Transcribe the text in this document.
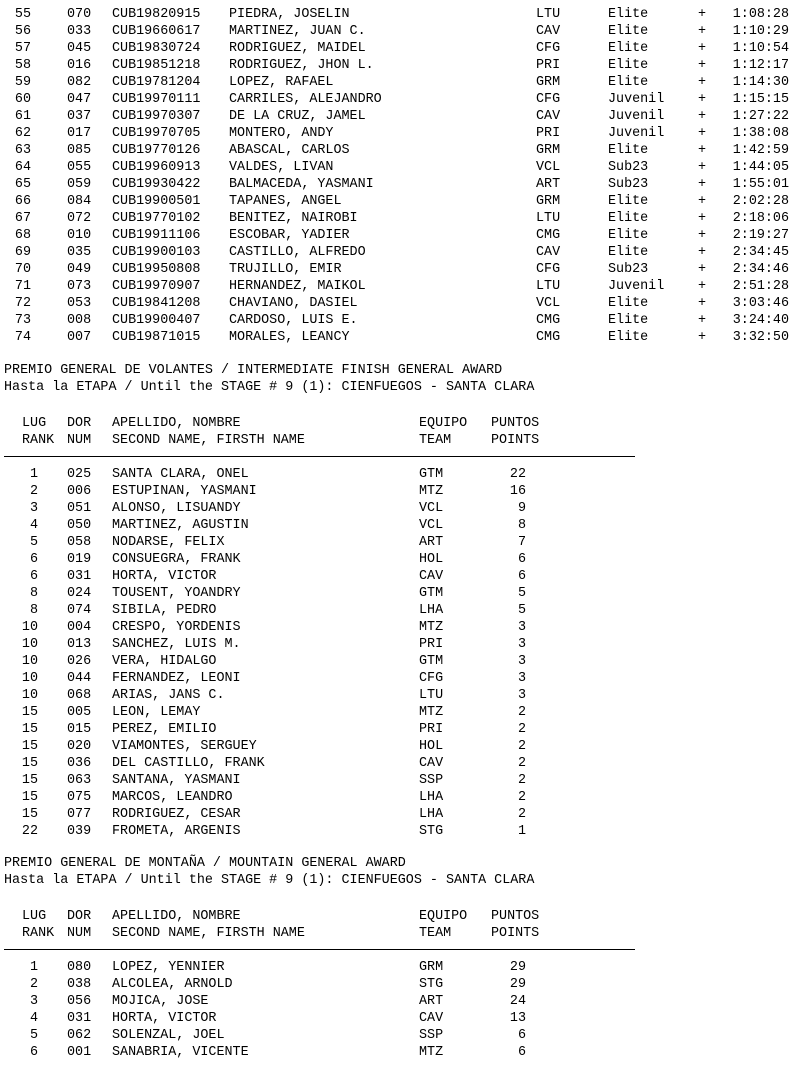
55	070 CUB19820915 PIEDRA, JOSELIN	LTU	Elite	+	1:08:28
56	033 CUB19660617 MARTINEZ, JUAN C.	CAV	Elite	+	1:10:29
57	045 CUB19830724 RODRIGUEZ, MAIDEL	CFG	Elite	+	1:10:54
58	016 CUB19851218 RODRIGUEZ, JHON L.	PRI	Elite	+	1:12:17
59	082 CUB19781204 LOPEZ, RAFAEL	GRM	Elite	+	1:14:30
60	047 CUB19970111 CARRILES, ALEJANDRO	CFG	Juvenil	+	1:15:15
61	037 CUB19970307 DE LA CRUZ, JAMEL	CAV	Juvenil	+	1:27:22
62	017 CUB19970705 MONTERO, ANDY	PRI	Juvenil	+	1:38:08
63	085 CUB19770126 ABASCAL, CARLOS	GRM	Elite	+	1:42:59
64	055 CUB19960913 VALDES, LIVAN	VCL	Sub23	+	1:44:05
65	059 CUB19930422 BALMACEDA, YASMANI	ART	Sub23	+	1:55:01
66	084 CUB19900501 TAPANES, ANGEL	GRM	Elite	+	2:02:28
67	072 CUB19770102 BENITEZ, NAIROBI	LTU	Elite	+	2:18:06
68	010 CUB19911106 ESCOBAR, YADIER	CMG	Elite	+	2:19:27
69	035 CUB19900103 CASTILLO, ALFREDO	CAV	Elite	+	2:34:45
70	049 CUB19950808 TRUJILLO, EMIR	CFG	Sub23	+	2:34:46
71	073 CUB19970907 HERNANDEZ, MAIKOL	LTU	Juvenil	+	2:51:28
72	053 CUB19841208 CHAVIANO, DASIEL	VCL	Elite	+	3:03:46
73	008 CUB19900407 CARDOSO, LUIS E.	CMG	Elite	+	3:24:40
74	007 CUB19871015 MORALES, LEANCY	CMG	Elite	+	3:32:50
PREMIO GENERAL DE VOLANTES / INTERMEDIATE FINISH GENERAL AWARD
Hasta la ETAPA / Until the STAGE # 9 (1): CIENFUEGOS - SANTA CLARA
LUG DOR APELLIDO, NOMBRE	EQUIPO PUNTOS
RANK NUM SECOND NAME, FIRSTH NAME	TEAM	POINTS
1 025 SANTA CLARA, ONEL	GTM	22
2 006 ESTUPINAN, YASMANI	MTZ	16
3 051 ALONSO, LISUANDY	VCL	9
4 050 MARTINEZ, AGUSTIN	VCL	8
5 058 NODARSE, FELIX	ART	7
6 019 CONSUEGRA, FRANK	HOL	6
6 031 HORTA, VICTOR	CAV	6
8 024 TOUSENT, YOANDRY	GTM	5
8 074 SIBILA, PEDRO	LHA	5
10 004 CRESPO, YORDENIS	MTZ	3
10 013 SANCHEZ, LUIS M.	PRI	3
10 026 VERA, HIDALGO	GTM	3
10 044 FERNANDEZ, LEONI	CFG	3
10 068 ARIAS, JANS C.	LTU	3
15 005 LEON, LEMAY	MTZ	2
15 015 PEREZ, EMILIO	PRI	2
15 020 VIAMONTES, SERGUEY	HOL	2
15 036 DEL CASTILLO, FRANK	CAV	2
15 063 SANTANA, YASMANI	SSP	2
15 075 MARCOS, LEANDRO	LHA	2
15 077 RODRIGUEZ, CESAR	LHA	2
22 039 FROMETA, ARGENIS	STG	1
PREMIO GENERAL DE MONTAÑA / MOUNTAIN GENERAL AWARD
Hasta la ETAPA / Until the STAGE # 9 (1): CIENFUEGOS - SANTA CLARA
LUG DOR APELLIDO, NOMBRE	EQUIPO PUNTOS
RANK NUM SECOND NAME, FIRSTH NAME	TEAM	POINTS
1 080 LOPEZ, YENNIER	GRM	29
2 038 ALCOLEA, ARNOLD	STG	29
3 056 MOJICA, JOSE	ART	24
4 031 HORTA, VICTOR	CAV	13
5 062 SOLENZAL, JOEL	SSP	6
6 001 SANABRIA, VICENTE	MTZ	6
